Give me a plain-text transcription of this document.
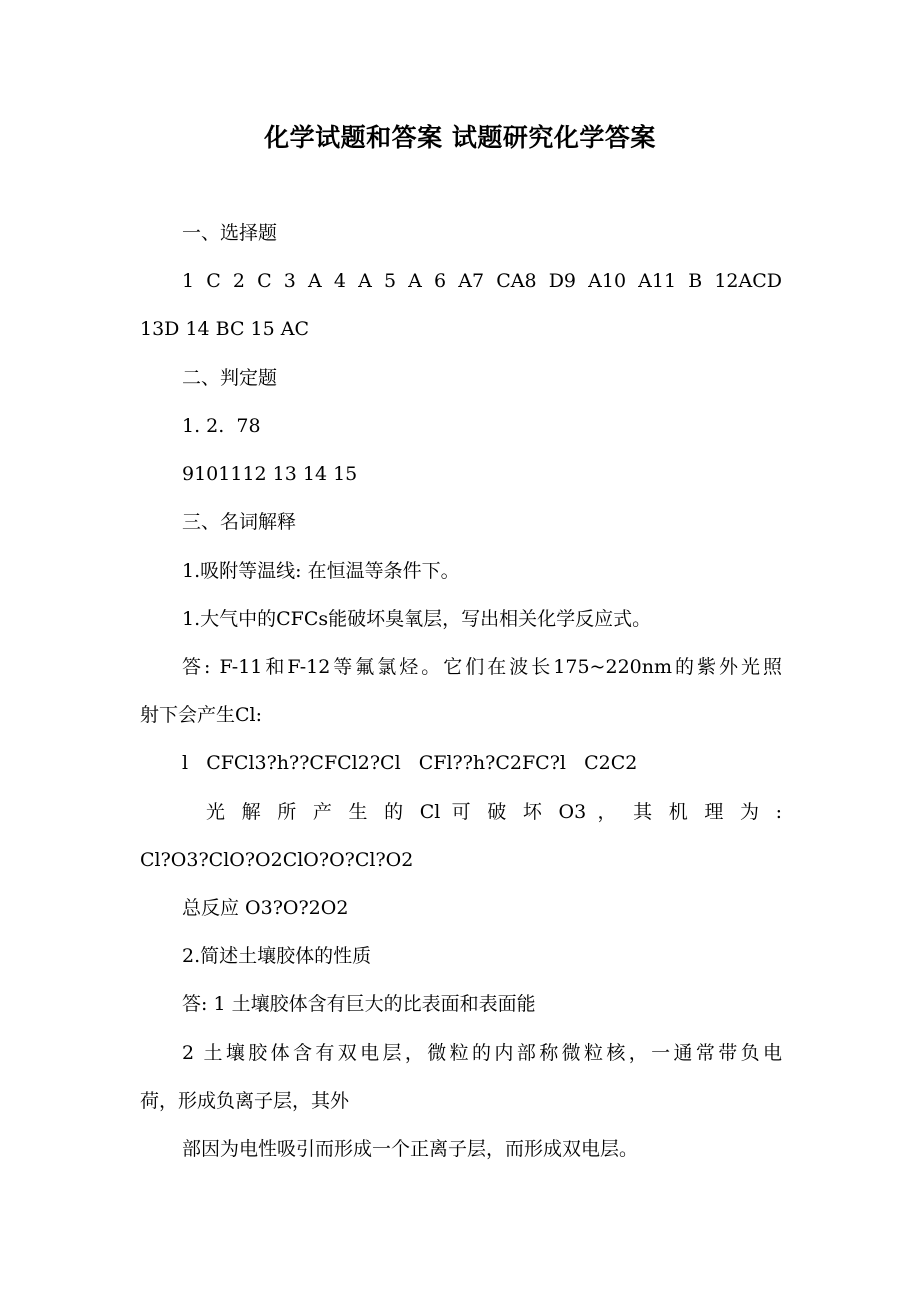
化学试题和答案 试题研究化学答案
一、选择题
1 C 2 C 3 A 4 A 5 A 6 A7 CA8 D9 A10 A11 B 12ACD
13D 14 BC 15 AC
二、判定题
1. 2.  78
9101112 13 14 15
三、名词解释
1.吸附等温线: 在恒温等条件下。
1.大气中的CFCs能破坏臭氧层，写出相关化学反应式。
答: F-11和F-12等氟氯烃。它们在波长175~220nm的紫外光照
射下会产生Cl:
l   CFCl3?h??CFCl2?Cl   CFl??h?C2FC?l   C2C2
光 解 所 产 生 的 Cl 可 破 坏 O3 ， 其 机 理 为 :
Cl?O3?ClO?O2ClO?O?Cl?O2
总反应 O3?O?2O2
2.简述土壤胶体的性质
答: 1 土壤胶体含有巨大的比表面和表面能
2 土壤胶体含有双电层，微粒的内部称微粒核，一通常带负电
荷，形成负离子层，其外
部因为电性吸引而形成一个正离子层，而形成双电层。
